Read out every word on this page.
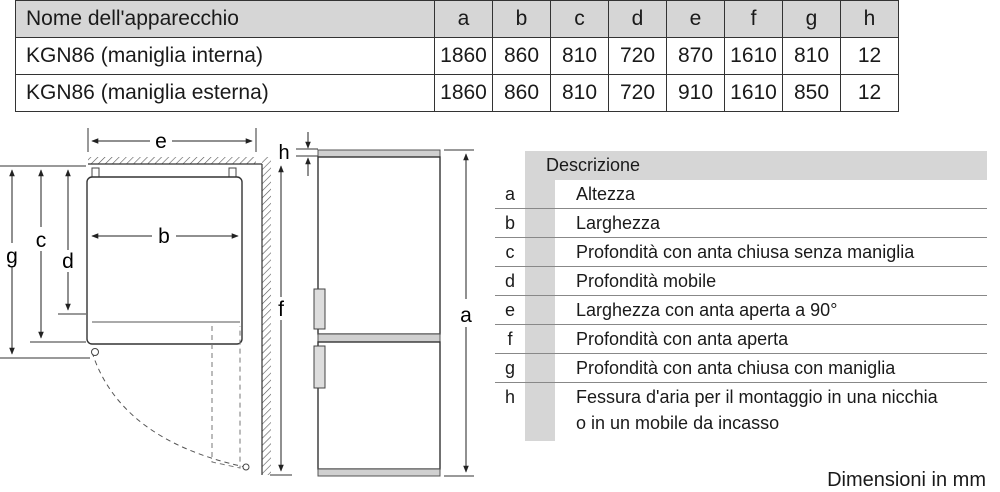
Nome dell'apparecchio	a	b	c	d	e	f	g	h
KGN86 (maniglia interna)	1860	860	810	720	870	1610	810	12
KGN86 (maniglia esterna)	1860	860	810	720	910	1610	850	12
e
b
g
c
d
f
h
a
Descrizione
a	Altezza
b	Larghezza
c	Profondità con anta chiusa senza maniglia
d	Profondità mobile
e	Larghezza con anta aperta a 90°
f	Profondità con anta aperta
g	Profondità con anta chiusa con maniglia
h	Fessura d'aria per il montaggio in una nicchia
o in un mobile da incasso
Dimensioni in mm
